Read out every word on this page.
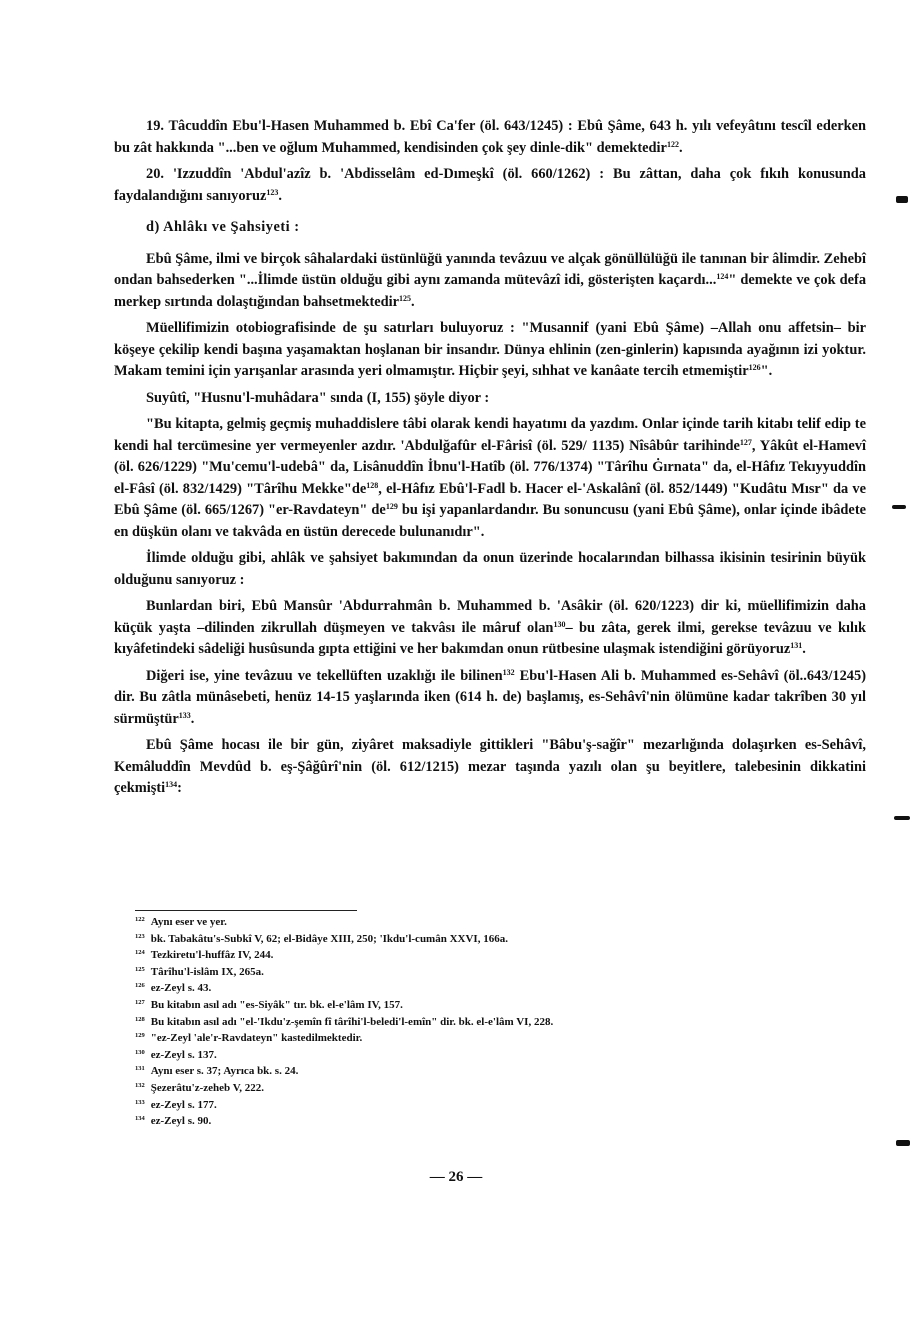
19. Tâcuddîn Ebu'l-Hasen Muhammed b. Ebî Ca'fer (öl. 643/1245) : Ebû Şâme, 643 h. yılı vefeyâtını tescîl ederken bu zât hakkında "...ben ve oğlum Muhammed, kendisinden çok şey dinle-dik" demektedir$^{122}$.

20. 'Izzuddîn 'Abdul'azîz b. 'Abdisselâm ed-Dımeşkî (öl. 660/1262) : Bu zâttan, daha çok fıkıh konusunda faydalandığını sanıyoruz$^{123}$.

d) Ahlâkı ve Şahsiyeti :

Ebû Şâme, ilmi ve birçok sâhalardaki üstünlüğü yanında tevâzuu ve alçak gönüllülüğü ile tanınan bir âlimdir. Zehebî ondan bahsederken "...İlimde üstün olduğu gibi aynı zamanda mütevâzî idi, gösterişten kaçardı...$^{124}$" demekte ve çok defa merkep sırtında dolaştığından bahsetmektedir$^{125}$.

Müellifimizin otobiografisinde de şu satırları buluyoruz : "Musannif (yani Ebû Şâme) –Allah onu affetsin– bir köşeye çekilip kendi başına yaşamaktan hoşlanan bir insandır. Dünya ehlinin (zen-ginlerin) kapısında ayağının izi yoktur. Makam temini için yarışanlar arasında yeri olmamıştır. Hiçbir şeyi, sıhhat ve kanâate tercih etmemiştir$^{126}$".

Suyûtî, "Husnu'l-muhâdara" sında (I, 155) şöyle diyor :

"Bu kitapta, gelmiş geçmiş muhaddislere tâbi olarak kendi hayatımı da yazdım. Onlar içinde tarih kitabı telif edip te kendi hal tercümesine yer vermeyenler azdır. 'Abdulğafûr el-Fârisî (öl. 529/ 1135) Nîsâbûr tarihinde$^{127}$, Yâkût el-Hamevî (öl. 626/1229) "Mu'cemu'l-udebâ" da, Lisânuddîn İbnu'l-Hatîb (öl. 776/1374) "Târîhu Ġırnata" da, el-Hâfız Tekıyyuddîn el-Fâsî (öl. 832/1429) "Târîhu $Mekke"de^{128}$, el-Hâfız Ebû'l-Fadl b. Hacer el-'Askalânî (öl. 852/1449) "Kudâtu Mısr" da ve Ebû Şâme (öl. 665/1267) "er-Ravdateyn" $de^{129}$ bu işi yapanlardandır. Bu sonuncusu (yani Ebû Şâme), onlar içinde ibâdete en düşkün olanı ve takvâda en üstün derecede bulunanıdır".

İlimde olduğu gibi, ahlâk ve şahsiyet bakımından da onun üzerinde hocalarından bilhassa ikisinin tesirinin büyük olduğunu sanıyoruz :

Bunlardan biri, Ebû Mansûr 'Abdurrahmân b. Muhammed b. 'Asâkir (öl. 620/1223) dir ki, müellifimizin daha küçük yaşta –dilinden zikrullah düşmeyen ve takvâsı ile mâruf olan$^{130}$– bu zâta, gerek ilmi, gerekse tevâzuu ve kılık kıyâfetindeki sâdeliği husûsunda gıpta ettiğini ve her bakımdan onun rütbesine ulaşmak istendiğini görüyoruz$^{131}$.

Diğeri ise, yine tevâzuu ve tekellüften uzaklığı ile bilinen$^{132}$ Ebu'l-Hasen Ali b. Muhammed es-Sehâvî (öl..643/1245) dir. Bu zâtla münâsebeti, henüz 14-15 yaşlarında iken (614 h. de) başlamış, es-Sehâvî'nin ölümüne kadar takrîben 30 yıl sürmüştür$^{133}$.

Ebû Şâme hocası ile bir gün, ziyâret maksadiyle gittikleri "Bâbu'ş-sağîr" mezarlığında dolaşırken es-Sehâvî, Kemâluddîn Mevdûd b. eş-Şâğûrî'nin (öl. 612/1215) mezar taşında yazılı olan şu beyitlere, talebesinin dikkatini çekmişti$^{134}$:

$^{122}$ Aynı eser ve yer.
$^{123}$ bk. Tabakâtu's-Subkî V, 62; el-Bidâye XIII, 250; 'Ikdu'l-cumân XXVI, 166a.
$^{124}$ Tezkiretu'l-huffâz IV, 244.
$^{125}$ Târîhu'l-islâm IX, 265a.
$^{126}$ ez-Zeyl s. 43.
$^{127}$ Bu kitabın asıl adı "es-Siyâk" tır. bk. el-e'lâm IV, 157.
$^{128}$ Bu kitabın asıl adı "el-'Ikdu'z-şemîn fî târîhi'l-beledi'l-emîn" dir. bk. el-e'lâm VI, 228.
$^{129}$ "ez-Zeyl 'ale'r-Ravdateyn" kastedilmektedir.
$^{130}$ ez-Zeyl s. 137.
$^{131}$ Aynı eser s. 37; Ayrıca bk. s. 24.
$^{132}$ Şezerâtu'z-zeheb V, 222.
$^{133}$ ez-Zeyl s. 177.
$^{134}$ ez-Zeyl s. 90.
— 26 —
